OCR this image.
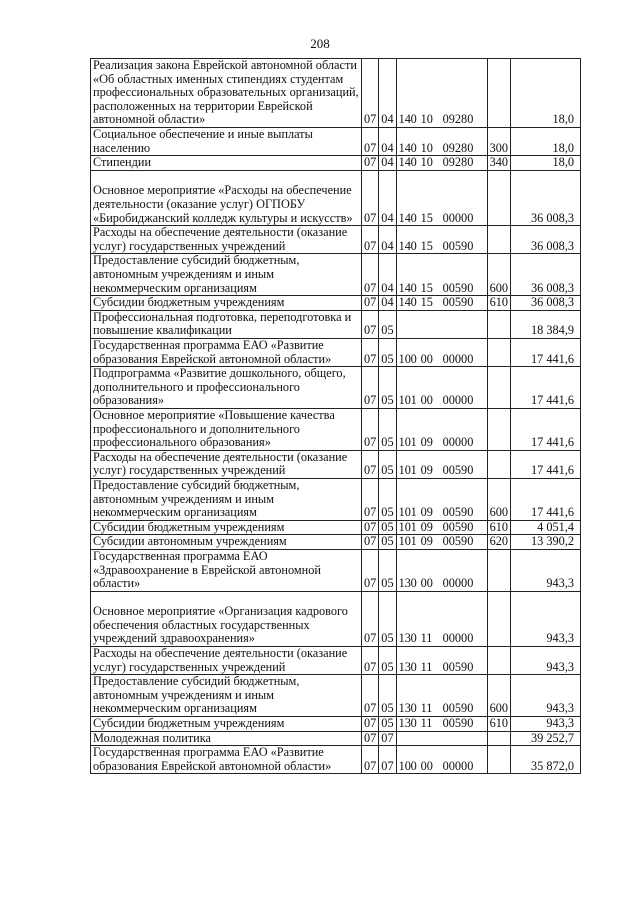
208
Реализация закона Еврейской автономной области «Об областных именных стипендиях студентам профессиональных образовательных организаций, расположенных на территории Еврейской автономной области»	07	04	140 10 09280		18,0
Социальное обеспечение и иные выплаты населению	07	04	140 10 09280	300	18,0
Стипендии	07	04	140 10 09280	340	18,0
Основное мероприятие «Расходы на обеспечение деятельности (оказание услуг) ОГПОБУ «Биробиджанский колледж культуры и искусств»	07	04	140 15 00000		36 008,3
Расходы на обеспечение деятельности (оказание услуг) государственных учреждений	07	04	140 15 00590		36 008,3
Предоставление субсидий бюджетным, автономным учреждениям и иным некоммерческим организациям	07	04	140 15 00590	600	36 008,3
Субсидии бюджетным учреждениям	07	04	140 15 00590	610	36 008,3
Профессиональная подготовка, переподготовка и повышение квалификации	07	05			18 384,9
Государственная программа ЕАО «Развитие образования Еврейской автономной области»	07	05	100 00 00000		17 441,6
Подпрограмма «Развитие дошкольного, общего, дополнительного и профессионального образования»	07	05	101 00 00000		17 441,6
Основное мероприятие «Повышение качества профессионального и дополнительного профессионального образования»	07	05	101 09 00000		17 441,6
Расходы на обеспечение деятельности (оказание услуг) государственных учреждений	07	05	101 09 00590		17 441,6
Предоставление субсидий бюджетным, автономным учреждениям и иным некоммерческим организациям	07	05	101 09 00590	600	17 441,6
Субсидии бюджетным учреждениям	07	05	101 09 00590	610	4 051,4
Субсидии автономным учреждениям	07	05	101 09 00590	620	13 390,2
Государственная программа ЕАО «Здравоохранение в Еврейской автономной области»	07	05	130 00 00000		943,3
Основное мероприятие «Организация кадрового обеспечения областных государственных учреждений здравоохранения»	07	05	130 11 00000		943,3
Расходы на обеспечение деятельности (оказание услуг) государственных учреждений	07	05	130 11 00590		943,3
Предоставление субсидий бюджетным, автономным учреждениям и иным некоммерческим организациям	07	05	130 11 00590	600	943,3
Субсидии бюджетным учреждениям	07	05	130 11 00590	610	943,3
Молодежная политика	07	07			39 252,7
Государственная программа ЕАО «Развитие образования Еврейской автономной области»	07	07	100 00 00000		35 872,0
